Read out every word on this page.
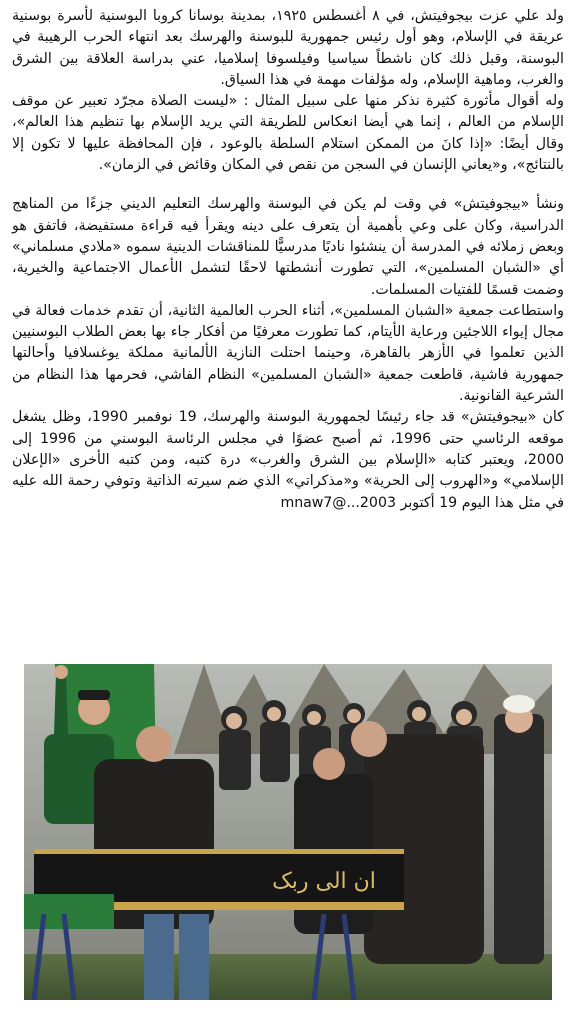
ولد علي عزت بيجوفيتش، في ٨ أغسطس ١٩٢٥، بمدينة بوسانا كروبا البوسنية لأسرة بوسنية عريقة في الإسلام، وهو أول رئيس جمهورية للبوسنة والهرسك بعد انتهاء الحرب الرهيبة في البوسنة، وقبل ذلك كان ناشطاً سياسيا وفيلسوفا إسلاميا، عني بدراسة العلاقة بين الشرق والغرب، وماهية الإسلام، وله مؤلفات مهمة في هذا السياق.

وله أقوال مأثورة كثيرة نذكر منها على سبيل المثال : «ليست الصلاة مجرّد تعبير عن موقف الإسلام من العالم ، إنما هي أيضا انعكاس للطريقة التي يريد الإسلام بها تنظيم هذا العالم»، وقال أيضًا: «إذا كانَ من الممكن استلام السلطة بالوعود ، فإن المحافظة عليها لا تكون إلا بالنتائج»، و«يعاني الإنسان في السجن من نقص في المكان وقائض في الزمان».

ونشأ «بيجوفيتش» في وقت لم يكن في البوسنة والهرسك التعليم الديني جزءًا من المناهج الدراسية، وكان على وعي بأهمية أن يتعرف على دينه ويقرأ فيه قراءة مستفيضة، فاتفق هو وبعض زملائه في المدرسة أن ينشئوا ناديًا مدرسيًّا للمناقشات الدينية سموه «ملادي مسلماني» أي «الشبان المسلمين»، التي تطورت أنشطتها لاحقًا لتشمل الأعمال الاجتماعية والخيرية، وضمت قسمًا للفتيات المسلمات.

واستطاعت جمعية «الشبان المسلمين»، أثناء الحرب العالمية الثانية، أن تقدم خدمات فعالة في مجال إيواء اللاجئين ورعاية الأيتام، كما تطورت معرفيًا من أفكار جاء بها بعض الطلاب البوسنيين الذين تعلموا في الأزهر بالقاهرة، وحينما احتلت النازية الألمانية مملكة يوغسلافيا وأحالتها جمهورية فاشية، قاطعت جمعية «الشبان المسلمين» النظام الفاشي، فحرمها هذا النظام من الشرعية القانونية.

كان «بيجوفيتش» قد جاء رئيسًا لجمهورية البوسنة والهرسك، 19 نوفمبر 1990، وظل يشغل موقعه الرئاسي حتى 1996، ثم أصبح عضوًا في مجلس الرئاسة البوسني من 1996 إلى 2000، ويعتبر كتابه «الإسلام بين الشرق والغرب» درة كتبه، ومن كتبه الأخرى «الإعلان الإسلامي» و«الهروب إلى الحرية» و«مذكراتي» الذي ضم سيرته الذاتية وتوفي رحمة الله عليه في مثل هذا اليوم 19 أكتوبر 2003...@mnaw7

ان الی ربک
